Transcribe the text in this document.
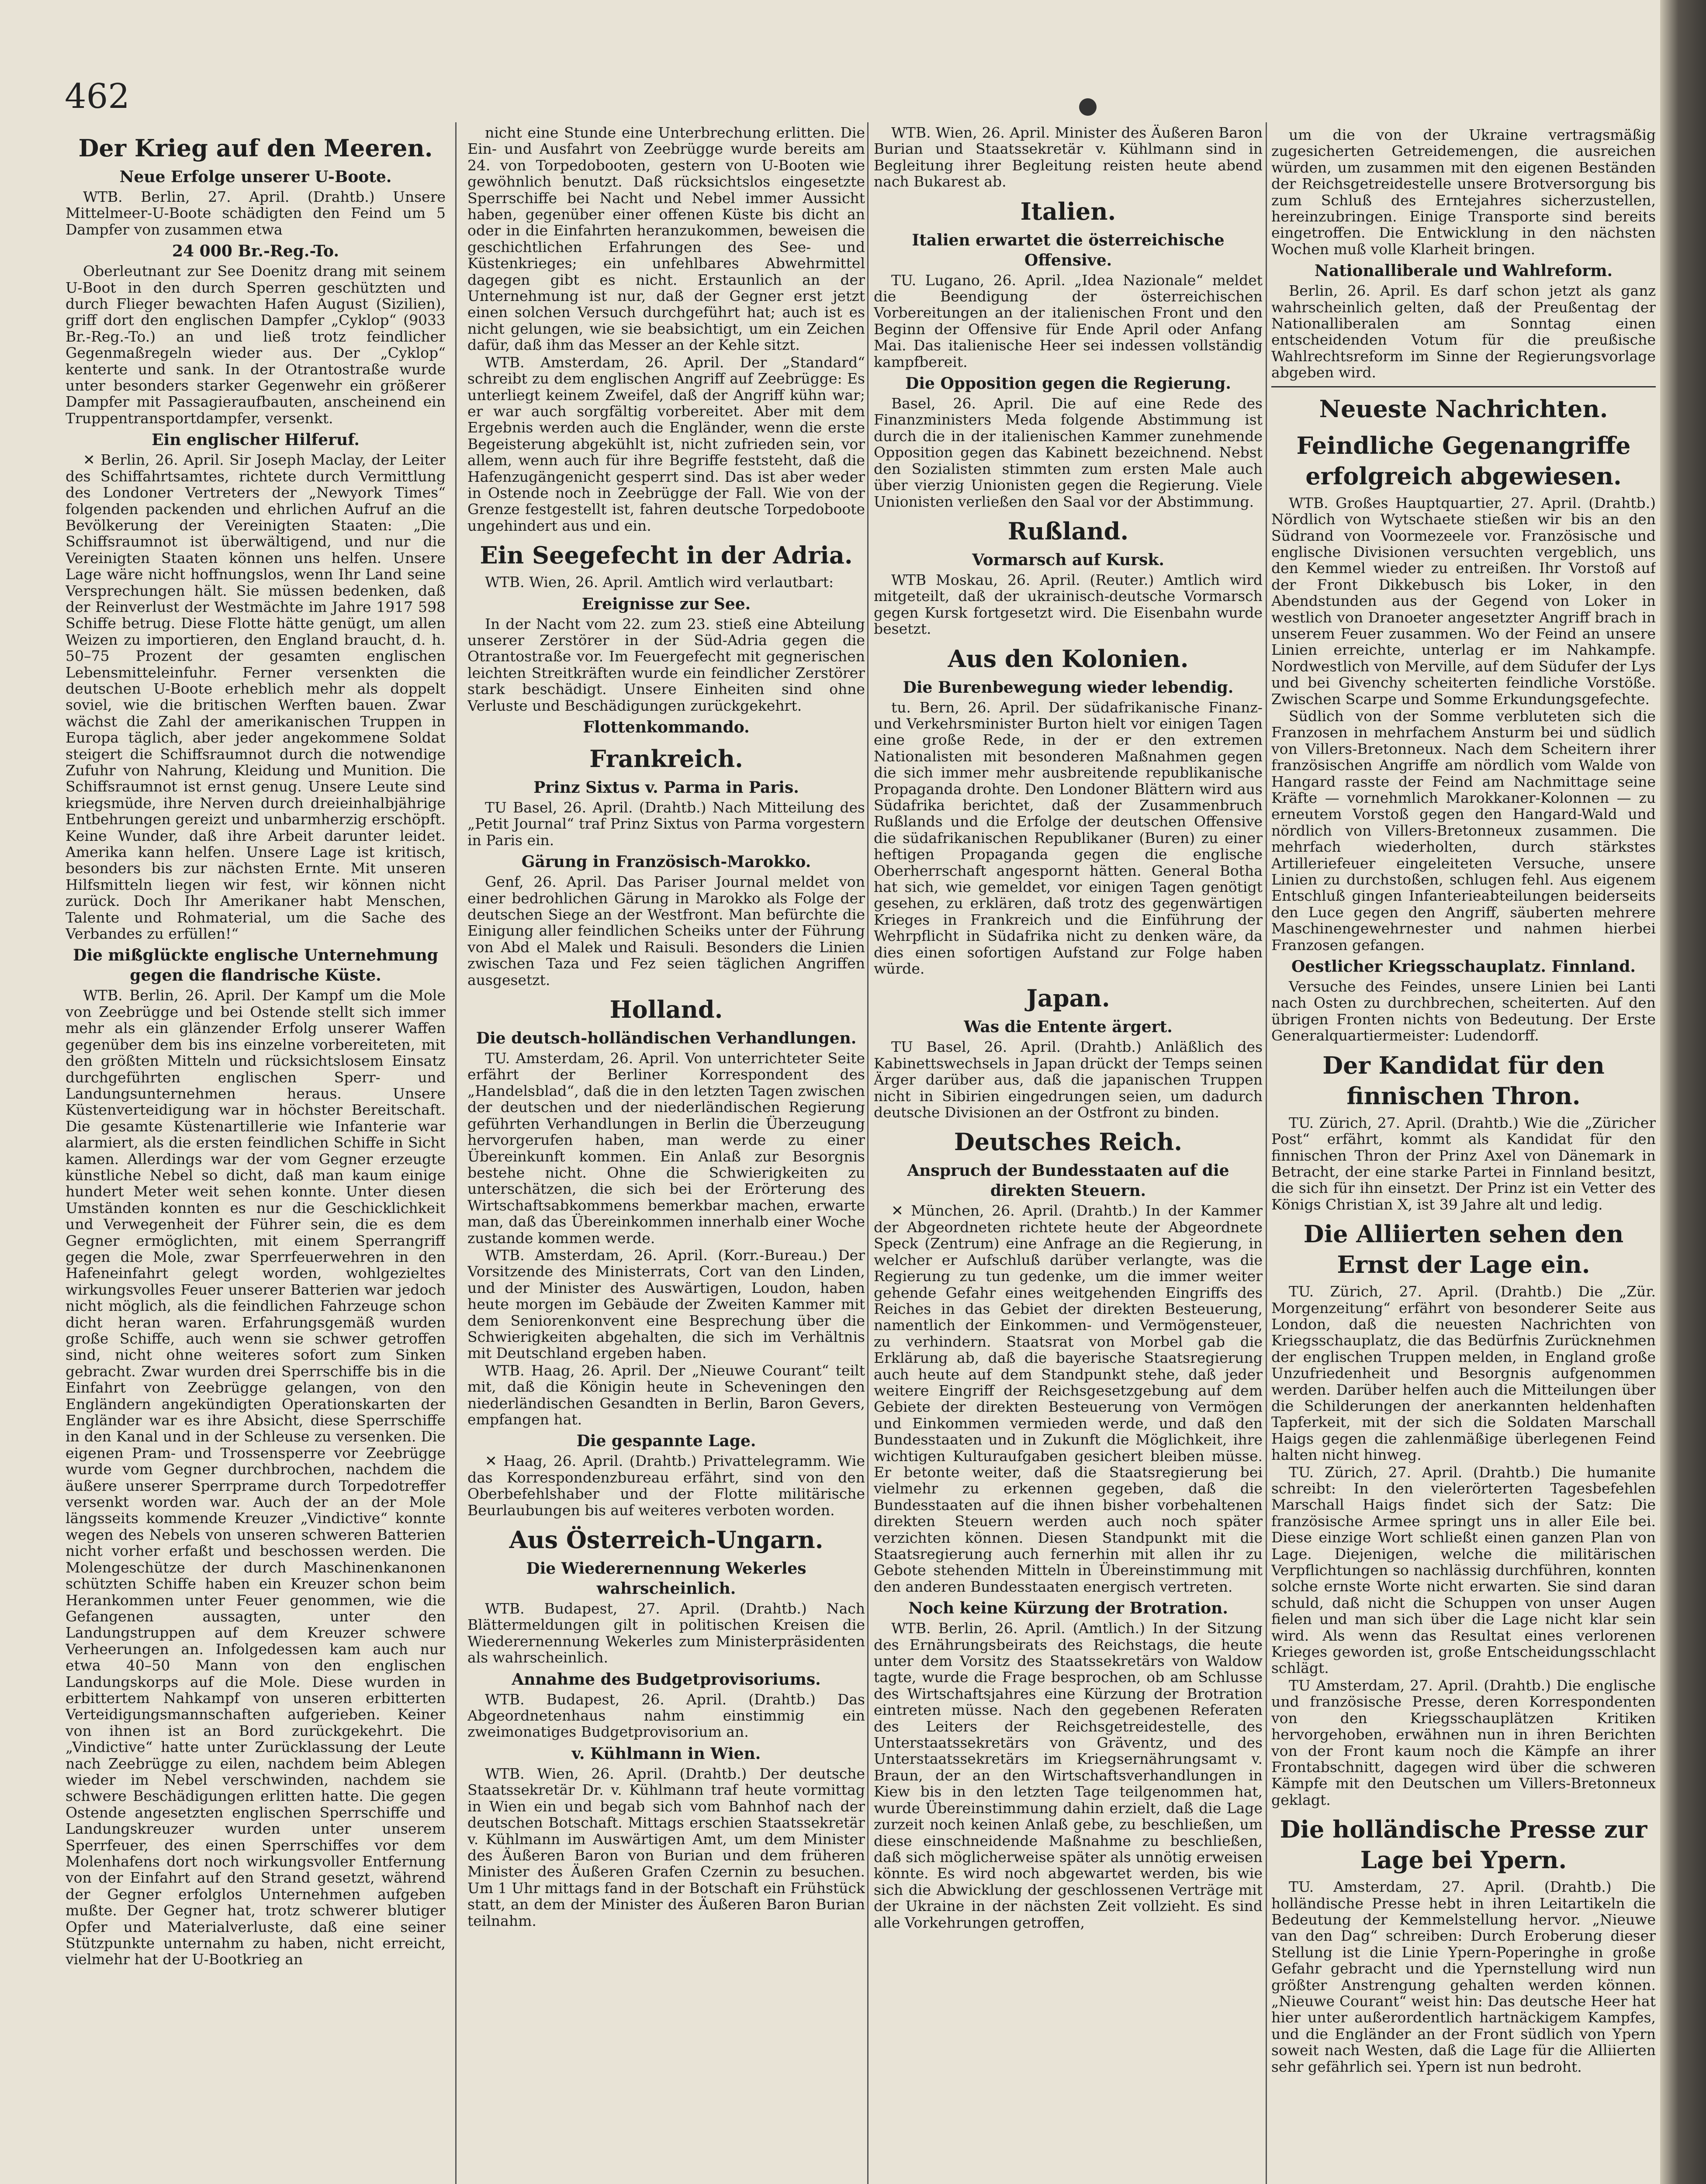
462
Der Krieg auf den Meeren.
Neue Erfolge unserer U-Boote.

WTB. Berlin, 27. April. (Drahtb.) Unsere Mittelmeer-U-Boote schädigten den Feind um 5 Dampfer von zusammen etwa

24 000 Br.-Reg.-To.

Oberleutnant zur See Doenitz drang mit seinem U-Boot in den durch Sperren geschützten und durch Flieger bewachten Hafen August (Sizilien), griff dort den englischen Dampfer „Cyklop“ (9033 Br.-Reg.-To.) an und ließ trotz feindlicher Gegenmaßregeln wieder aus. Der „Cyklop“ kenterte und sank. In der Otrantostraße wurde unter besonders starker Gegenwehr ein größerer Dampfer mit Passagieraufbauten, anscheinend ein Truppentransportdampfer, versenkt.

Ein englischer Hilferuf.

✕ Berlin, 26. April. Sir Joseph Maclay, der Leiter des Schiffahrtsamtes, richtete durch Vermittlung des Londoner Vertreters der „Newyork Times“ folgenden packenden und ehrlichen Aufruf an die Bevölkerung der Vereinigten Staaten: „Die Schiffsraumnot ist überwältigend, und nur die Vereinigten Staaten können uns helfen. Unsere Lage wäre nicht hoffnungslos, wenn Ihr Land seine Versprechungen hält. Sie müssen bedenken, daß der Reinverlust der Westmächte im Jahre 1917 598 Schiffe betrug. Diese Flotte hätte genügt, um allen Weizen zu importieren, den England braucht, d. h. 50–75 Prozent der gesamten englischen Lebensmitteleinfuhr. Ferner versenkten die deutschen U-Boote erheblich mehr als doppelt soviel, wie die britischen Werften bauen. Zwar wächst die Zahl der amerikanischen Truppen in Europa täglich, aber jeder angekommene Soldat steigert die Schiffsraumnot durch die notwendige Zufuhr von Nahrung, Kleidung und Munition. Die Schiffsraumnot ist ernst genug. Unsere Leute sind kriegsmüde, ihre Nerven durch dreieinhalbjährige Entbehrungen gereizt und unbarmherzig erschöpft. Keine Wunder, daß ihre Arbeit darunter leidet. Amerika kann helfen. Unsere Lage ist kritisch, besonders bis zur nächsten Ernte. Mit unseren Hilfsmitteln liegen wir fest, wir können nicht zurück. Doch Ihr Amerikaner habt Menschen, Talente und Rohmaterial, um die Sache des Verbandes zu erfüllen!“

Die mißglückte englische Unternehmung gegen die flandrische Küste.

WTB. Berlin, 26. April. Der Kampf um die Mole von Zeebrügge und bei Ostende stellt sich immer mehr als ein glänzender Erfolg unserer Waffen gegenüber dem bis ins einzelne vorbereiteten, mit den größten Mitteln und rücksichtslosem Einsatz durchgeführten englischen Sperr- und Landungsunternehmen heraus. Unsere Küstenverteidigung war in höchster Bereitschaft. Die gesamte Küstenartillerie wie Infanterie war alarmiert, als die ersten feindlichen Schiffe in Sicht kamen. Allerdings war der vom Gegner erzeugte künstliche Nebel so dicht, daß man kaum einige hundert Meter weit sehen konnte. Unter diesen Umständen konnten es nur die Geschicklichkeit und Verwegenheit der Führer sein, die es dem Gegner ermöglichten, mit einem Sperrangriff gegen die Mole, zwar Sperrfeuerwehren in den Hafeneinfahrt gelegt worden, wohlgezieltes wirkungsvolles Feuer unserer Batterien war jedoch nicht möglich, als die feindlichen Fahrzeuge schon dicht heran waren. Erfahrungsgemäß wurden große Schiffe, auch wenn sie schwer getroffen sind, nicht ohne weiteres sofort zum Sinken gebracht. Zwar wurden drei Sperrschiffe bis in die Einfahrt von Zeebrügge gelangen, von den Engländern angekündigten Operationskarten der Engländer war es ihre Absicht, diese Sperrschiffe in den Kanal und in der Schleuse zu versenken. Die eigenen Pram- und Trossensperre vor Zeebrügge wurde vom Gegner durchbrochen, nachdem die äußere unserer Sperrprame durch Torpedotreffer versenkt worden war. Auch der an der Mole längsseits kommende Kreuzer „Vindictive“ konnte wegen des Nebels von unseren schweren Batterien nicht vorher erfaßt und beschossen werden. Die Molengeschütze der durch Maschinenkanonen schützten Schiffe haben ein Kreuzer schon beim Herankommen unter Feuer genommen, wie die Gefangenen aussagten, unter den Landungstruppen auf dem Kreuzer schwere Verheerungen an. Infolgedessen kam auch nur etwa 40–50 Mann von den englischen Landungskorps auf die Mole. Diese wurden in erbittertem Nahkampf von unseren erbitterten Verteidigungsmannschaften aufgerieben. Keiner von ihnen ist an Bord zurückgekehrt. Die „Vindictive“ hatte unter Zurücklassung der Leute nach Zeebrügge zu eilen, nachdem beim Ablegen wieder im Nebel verschwinden, nachdem sie schwere Beschädigungen erlitten hatte. Die gegen Ostende angesetzten englischen Sperrschiffe und Landungskreuzer wurden unter unserem Sperrfeuer, des einen Sperrschiffes vor dem Molenhafens dort noch wirkungsvoller Entfernung von der Einfahrt auf den Strand gesetzt, während der Gegner erfolglos Unternehmen aufgeben mußte. Der Gegner hat, trotz schwerer blutiger Opfer und Materialverluste, daß eine seiner Stützpunkte unternahm zu haben, nicht erreicht, vielmehr hat der U-Bootkrieg an

nicht eine Stunde eine Unterbrechung erlitten. Die Ein- und Ausfahrt von Zeebrügge wurde bereits am 24. von Torpedobooten, gestern von U-Booten wie gewöhnlich benutzt. Daß rücksichtslos eingesetzte Sperrschiffe bei Nacht und Nebel immer Aussicht haben, gegenüber einer offenen Küste bis dicht an oder in die Einfahrten heranzukommen, beweisen die geschichtlichen Erfahrungen des See- und Küstenkrieges; ein unfehlbares Abwehrmittel dagegen gibt es nicht. Erstaunlich an der Unternehmung ist nur, daß der Gegner erst jetzt einen solchen Versuch durchgeführt hat; auch ist es nicht gelungen, wie sie beabsichtigt, um ein Zeichen dafür, daß ihm das Messer an der Kehle sitzt.

WTB. Amsterdam, 26. April. Der „Standard“ schreibt zu dem englischen Angriff auf Zeebrügge: Es unterliegt keinem Zweifel, daß der Angriff kühn war; er war auch sorgfältig vorbereitet. Aber mit dem Ergebnis werden auch die Engländer, wenn die erste Begeisterung abgekühlt ist, nicht zufrieden sein, vor allem, wenn auch für ihre Begriffe feststeht, daß die Hafenzugängenicht gesperrt sind. Das ist aber weder in Ostende noch in Zeebrügge der Fall. Wie von der Grenze festgestellt ist, fahren deutsche Torpedoboote ungehindert aus und ein.

Ein Seegefecht in der Adria.

WTB. Wien, 26. April. Amtlich wird verlautbart:

Ereignisse zur See.

In der Nacht vom 22. zum 23. stieß eine Abteilung unserer Zerstörer in der Süd-Adria gegen die Otrantostraße vor. Im Feuergefecht mit gegnerischen leichten Streitkräften wurde ein feindlicher Zerstörer stark beschädigt. Unsere Einheiten sind ohne Verluste und Beschädigungen zurückgekehrt.

Flottenkommando.
Frankreich.
Prinz Sixtus v. Parma in Paris.

TU Basel, 26. April. (Drahtb.) Nach Mitteilung des „Petit Journal“ traf Prinz Sixtus von Parma vorgestern in Paris ein.

Gärung in Französisch-Marokko.

Genf, 26. April. Das Pariser Journal meldet von einer bedrohlichen Gärung in Marokko als Folge der deutschen Siege an der Westfront. Man befürchte die Einigung aller feindlichen Scheiks unter der Führung von Abd el Malek und Raisuli. Besonders die Linien zwischen Taza und Fez seien täglichen Angriffen ausgesetzt.

Holland.
Die deutsch-holländischen Verhandlungen.

TU. Amsterdam, 26. April. Von unterrichteter Seite erfährt der Berliner Korrespondent des „Handelsblad“, daß die in den letzten Tagen zwischen der deutschen und der niederländischen Regierung geführten Verhandlungen in Berlin die Überzeugung hervorgerufen haben, man werde zu einer Übereinkunft kommen. Ein Anlaß zur Besorgnis bestehe nicht. Ohne die Schwierigkeiten zu unterschätzen, die sich bei der Erörterung des Wirtschaftsabkommens bemerkbar machen, erwarte man, daß das Übereinkommen innerhalb einer Woche zustande kommen werde.

WTB. Amsterdam, 26. April. (Korr.-Bureau.) Der Vorsitzende des Ministerrats, Cort van den Linden, und der Minister des Auswärtigen, Loudon, haben heute morgen im Gebäude der Zweiten Kammer mit dem Seniorenkonvent eine Besprechung über die Schwierigkeiten abgehalten, die sich im Verhältnis mit Deutschland ergeben haben.

WTB. Haag, 26. April. Der „Nieuwe Courant“ teilt mit, daß die Königin heute in Scheveningen den niederländischen Gesandten in Berlin, Baron Gevers, empfangen hat.

Die gespannte Lage.

✕ Haag, 26. April. (Drahtb.) Privattelegramm. Wie das Korrespondenzbureau erfährt, sind von den Oberbefehlshaber und der Flotte militärische Beurlaubungen bis auf weiteres verboten worden.

Aus Österreich-Ungarn.
Die Wiederernennung Wekerles wahrscheinlich.

WTB. Budapest, 27. April. (Drahtb.) Nach Blättermeldungen gilt in politischen Kreisen die Wiederernennung Wekerles zum Ministerpräsidenten als wahrscheinlich.

Annahme des Budgetprovisoriums.

WTB. Budapest, 26. April. (Drahtb.) Das Abgeordnetenhaus nahm einstimmig ein zweimonatiges Budgetprovisorium an.

v. Kühlmann in Wien.

WTB. Wien, 26. April. (Drahtb.) Der deutsche Staatssekretär Dr. v. Kühlmann traf heute vormittag in Wien ein und begab sich vom Bahnhof nach der deutschen Botschaft. Mittags erschien Staatssekretär v. Kühlmann im Auswärtigen Amt, um dem Minister des Äußeren Baron von Burian und dem früheren Minister des Äußeren Grafen Czernin zu besuchen. Um 1 Uhr mittags fand in der Botschaft ein Frühstück statt, an dem der Minister des Äußeren Baron Burian teilnahm.

WTB. Wien, 26. April. Minister des Äußeren Baron Burian und Staatssekretär v. Kühlmann sind in Begleitung ihrer Begleitung reisten heute abend nach Bukarest ab.

Italien.
Italien erwartet die österreichische Offensive.

TU. Lugano, 26. April. „Idea Nazionale“ meldet die Beendigung der österreichischen Vorbereitungen an der italienischen Front und den Beginn der Offensive für Ende April oder Anfang Mai. Das italienische Heer sei indessen vollständig kampfbereit.

Die Opposition gegen die Regierung.

Basel, 26. April. Die auf eine Rede des Finanzministers Meda folgende Abstimmung ist durch die in der italienischen Kammer zunehmende Opposition gegen das Kabinett bezeichnend. Nebst den Sozialisten stimmten zum ersten Male auch über vierzig Unionisten gegen die Regierung. Viele Unionisten verließen den Saal vor der Abstimmung.

Rußland.
Vormarsch auf Kursk.

WTB Moskau, 26. April. (Reuter.) Amtlich wird mitgeteilt, daß der ukrainisch-deutsche Vormarsch gegen Kursk fortgesetzt wird. Die Eisenbahn wurde besetzt.

Aus den Kolonien.
Die Burenbewegung wieder lebendig.

tu. Bern, 26. April. Der südafrikanische Finanz- und Verkehrsminister Burton hielt vor einigen Tagen eine große Rede, in der er den extremen Nationalisten mit besonderen Maßnahmen gegen die sich immer mehr ausbreitende republikanische Propaganda drohte. Den Londoner Blättern wird aus Südafrika berichtet, daß der Zusammenbruch Rußlands und die Erfolge der deutschen Offensive die südafrikanischen Republikaner (Buren) zu einer heftigen Propaganda gegen die englische Oberherrschaft angespornt hätten. General Botha hat sich, wie gemeldet, vor einigen Tagen genötigt gesehen, zu erklären, daß trotz des gegenwärtigen Krieges in Frankreich und die Einführung der Wehrpflicht in Südafrika nicht zu denken wäre, da dies einen sofortigen Aufstand zur Folge haben würde.

Japan.
Was die Entente ärgert.

TU Basel, 26. April. (Drahtb.) Anläßlich des Kabinettswechsels in Japan drückt der Temps seinen Ärger darüber aus, daß die japanischen Truppen nicht in Sibirien eingedrungen seien, um dadurch deutsche Divisionen an der Ostfront zu binden.

Deutsches Reich.
Anspruch der Bundesstaaten auf die direkten Steuern.

✕ München, 26. April. (Drahtb.) In der Kammer der Abgeordneten richtete heute der Abgeordnete Speck (Zentrum) eine Anfrage an die Regierung, in welcher er Aufschluß darüber verlangte, was die Regierung zu tun gedenke, um die immer weiter gehende Gefahr eines weitgehenden Eingriffs des Reiches in das Gebiet der direkten Besteuerung, namentlich der Einkommen- und Vermögensteuer, zu verhindern. Staatsrat von Morbel gab die Erklärung ab, daß die bayerische Staatsregierung auch heute auf dem Standpunkt stehe, daß jeder weitere Eingriff der Reichsgesetzgebung auf dem Gebiete der direkten Besteuerung von Vermögen und Einkommen vermieden werde, und daß den Bundesstaaten und in Zukunft die Möglichkeit, ihre wichtigen Kulturaufgaben gesichert bleiben müsse. Er betonte weiter, daß die Staatsregierung bei vielmehr zu erkennen gegeben, daß die Bundesstaaten auf die ihnen bisher vorbehaltenen direkten Steuern werden auch noch später verzichten können. Diesen Standpunkt mit die Staatsregierung auch fernerhin mit allen ihr zu Gebote stehenden Mitteln in Übereinstimmung mit den anderen Bundesstaaten energisch vertreten.

Noch keine Kürzung der Brotration.

WTB. Berlin, 26. April. (Amtlich.) In der Sitzung des Ernährungsbeirats des Reichstags, die heute unter dem Vorsitz des Staatssekretärs von Waldow tagte, wurde die Frage besprochen, ob am Schlusse des Wirtschaftsjahres eine Kürzung der Brotration eintreten müsse. Nach den gegebenen Referaten des Leiters der Reichsgetreidestelle, des Unterstaatssekretärs von Gräventz, und des Unterstaatssekretärs im Kriegsernährungsamt v. Braun, der an den Wirtschaftsverhandlungen in Kiew bis in den letzten Tage teilgenommen hat, wurde Übereinstimmung dahin erzielt, daß die Lage zurzeit noch keinen Anlaß gebe, zu beschließen, um diese einschneidende Maßnahme zu beschließen, daß sich möglicherweise später als unnötig erweisen könnte. Es wird noch abgewartet werden, bis wie sich die Abwicklung der geschlossenen Verträge mit der Ukraine in der nächsten Zeit vollzieht. Es sind alle Vorkehrungen getroffen,

um die von der Ukraine vertragsmäßig zugesicherten Getreidemengen, die ausreichen würden, um zusammen mit den eigenen Beständen der Reichsgetreidestelle unsere Brotversorgung bis zum Schluß des Erntejahres sicherzustellen, hereinzubringen. Einige Transporte sind bereits eingetroffen. Die Entwicklung in den nächsten Wochen muß volle Klarheit bringen.

Nationalliberale und Wahlreform.

Berlin, 26. April. Es darf schon jetzt als ganz wahrscheinlich gelten, daß der Preußentag der Nationalliberalen am Sonntag einen entscheidenden Votum für die preußische Wahlrechtsreform im Sinne der Regierungsvorlage abgeben wird.

Neueste Nachrichten.
Feindliche Gegenangriffe erfolgreich abgewiesen.

WTB. Großes Hauptquartier, 27. April. (Drahtb.) Nördlich von Wytschaete stießen wir bis an den Südrand von Voormezeele vor. Französische und englische Divisionen versuchten vergeblich, uns den Kemmel wieder zu entreißen. Ihr Vorstoß auf der Front Dikkebusch bis Loker, in den Abendstunden aus der Gegend von Loker in westlich von Dranoeter angesetzter Angriff brach in unserem Feuer zusammen. Wo der Feind an unsere Linien erreichte, unterlag er im Nahkampfe. Nordwestlich von Merville, auf dem Südufer der Lys und bei Givenchy scheiterten feindliche Vorstöße. Zwischen Scarpe und Somme Erkundungsgefechte.

Südlich von der Somme verbluteten sich die Franzosen in mehrfachem Ansturm bei und südlich von Villers-Bretonneux. Nach dem Scheitern ihrer französischen Angriffe am nördlich vom Walde von Hangard rasste der Feind am Nachmittage seine Kräfte — vornehmlich Marokkaner-Kolonnen — zu erneutem Vorstoß gegen den Hangard-Wald und nördlich von Villers-Bretonneux zusammen. Die mehrfach wiederholten, durch stärkstes Artilleriefeuer eingeleiteten Versuche, unsere Linien zu durchstoßen, schlugen fehl. Aus eigenem Entschluß gingen Infanterieabteilungen beiderseits den Luce gegen den Angriff, säuberten mehrere Maschinengewehrnester und nahmen hierbei Franzosen gefangen.

Oestlicher Kriegsschauplatz. Finnland.

Versuche des Feindes, unsere Linien bei Lanti nach Osten zu durchbrechen, scheiterten. Auf den übrigen Fronten nichts von Bedeutung. Der Erste Generalquartiermeister: Ludendorff.

Der Kandidat für den finnischen Thron.

TU. Zürich, 27. April. (Drahtb.) Wie die „Züricher Post“ erfährt, kommt als Kandidat für den finnischen Thron der Prinz Axel von Dänemark in Betracht, der eine starke Partei in Finnland besitzt, die sich für ihn einsetzt. Der Prinz ist ein Vetter des Königs Christian X, ist 39 Jahre alt und ledig.

Die Alliierten sehen den Ernst der Lage ein.

TU. Zürich, 27. April. (Drahtb.) Die „Zür. Morgenzeitung“ erfährt von besonderer Seite aus London, daß die neuesten Nachrichten von Kriegsschauplatz, die das Bedürfnis Zurücknehmen der englischen Truppen melden, in England große Unzufriedenheit und Besorgnis aufgenommen werden. Darüber helfen auch die Mitteilungen über die Schilderungen der anerkannten heldenhaften Tapferkeit, mit der sich die Soldaten Marschall Haigs gegen die zahlenmäßige überlegenen Feind halten nicht hinweg.

TU. Zürich, 27. April. (Drahtb.) Die humanite schreibt: In den vielerörterten Tagesbefehlen Marschall Haigs findet sich der Satz: Die französische Armee springt uns in aller Eile bei. Diese einzige Wort schließt einen ganzen Plan von Lage. Diejenigen, welche die militärischen Verpflichtungen so nachlässig durchführen, konnten solche ernste Worte nicht erwarten. Sie sind daran schuld, daß nicht die Schuppen von unser Augen fielen und man sich über die Lage nicht klar sein wird. Als wenn das Resultat eines verlorenen Krieges geworden ist, große Entscheidungsschlacht schlägt.

TU Amsterdam, 27. April. (Drahtb.) Die englische und französische Presse, deren Korrespondenten von den Kriegsschauplätzen Kritiken hervorgehoben, erwähnen nun in ihren Berichten von der Front kaum noch die Kämpfe an ihrer Frontabschnitt, dagegen wird über die schweren Kämpfe mit den Deutschen um Villers-Bretonneux geklagt.

Die holländische Presse zur Lage bei Ypern.

TU. Amsterdam, 27. April. (Drahtb.) Die holländische Presse hebt in ihren Leitartikeln die Bedeutung der Kemmelstellung hervor. „Nieuwe van den Dag“ schreiben: Durch Eroberung dieser Stellung ist die Linie Ypern-Poperinghe in große Gefahr gebracht und die Ypernstellung wird nun größter Anstrengung gehalten werden können. „Nieuwe Courant“ weist hin: Das deutsche Heer hat hier unter außerordentlich hartnäckigem Kampfes, und die Engländer an der Front südlich von Ypern soweit nach Westen, daß die Lage für die Alliierten sehr gefährlich sei. Ypern ist nun bedroht.
